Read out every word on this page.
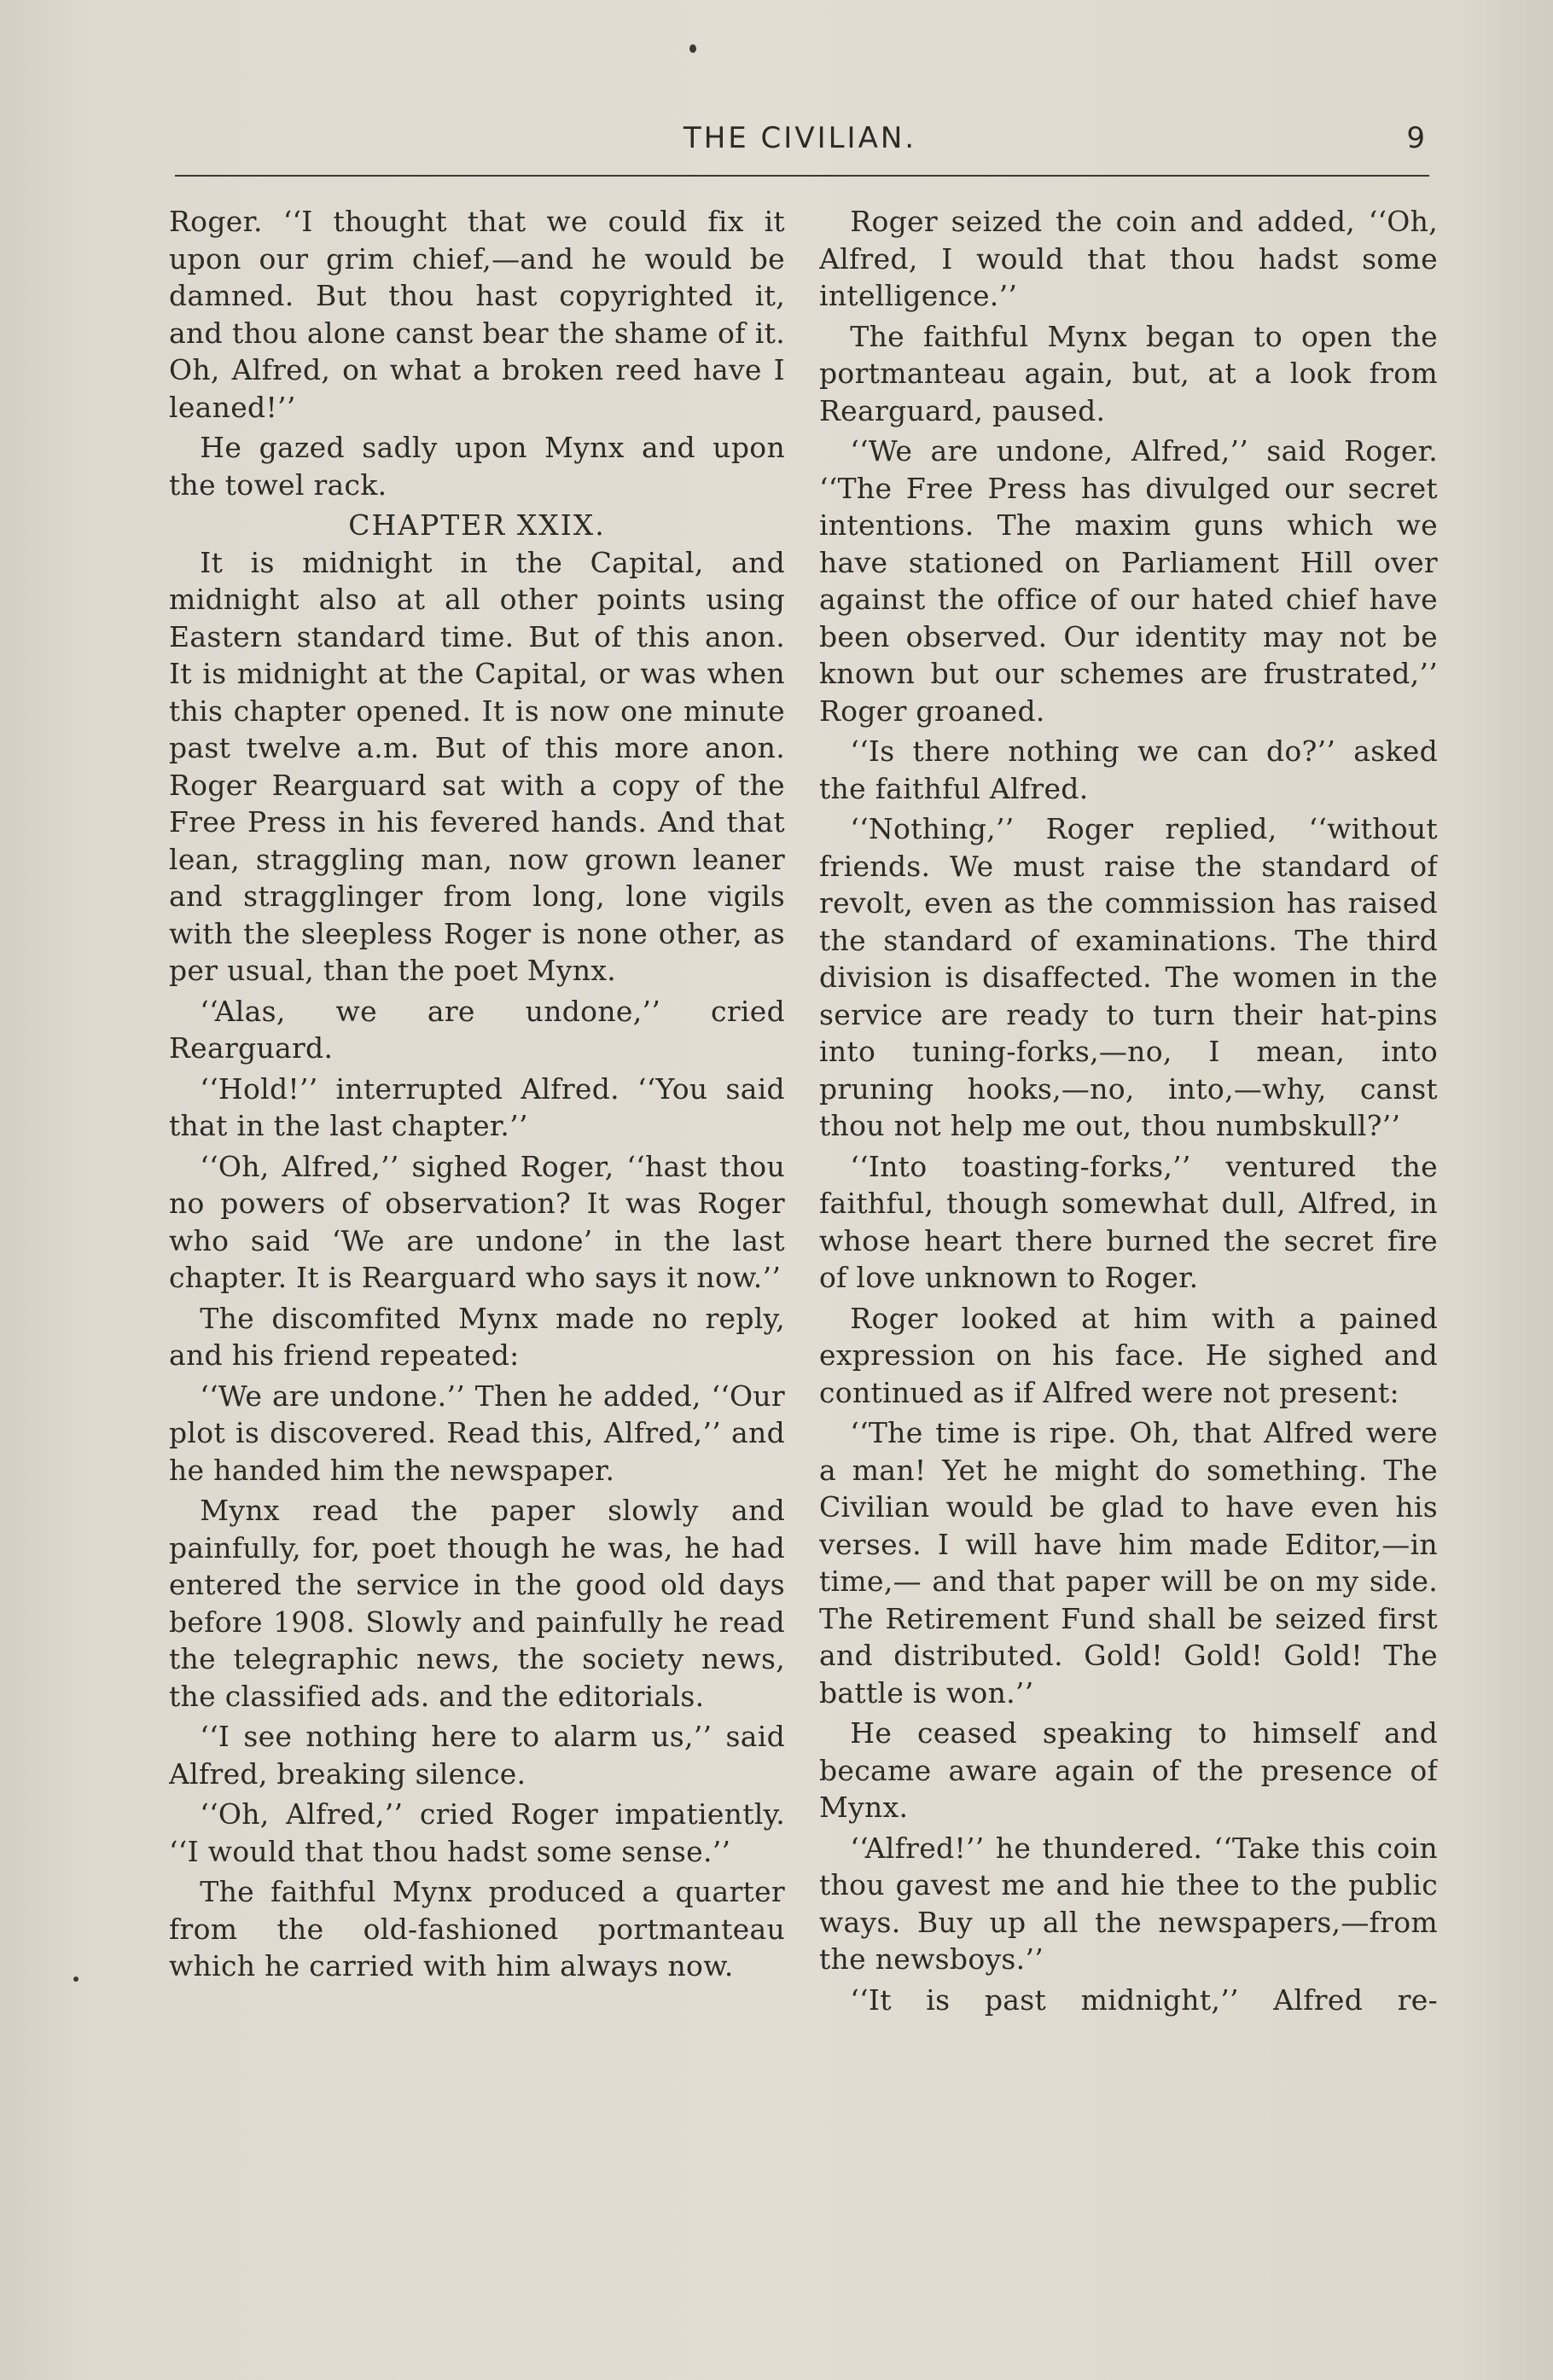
THE CIVILIAN.	9

Roger. ‘‘I thought that we could fix it upon our grim chief,—and he would be damned. But thou hast copyrighted it, and thou alone canst bear the shame of it. Oh, Alfred, on what a broken reed have I leaned!’’

He gazed sadly upon Mynx and upon the towel rack.

CHAPTER XXIX.

It is midnight in the Capital, and midnight also at all other points using Eastern standard time. But of this anon. It is midnight at the Capital, or was when this chapter opened. It is now one minute past twelve a.m. But of this more anon. Roger Rearguard sat with a copy of the Free Press in his fevered hands. And that lean, straggling man, now grown leaner and stragglinger from long, lone vigils with the sleepless Roger is none other, as per usual, than the poet Mynx.

‘‘Alas, we are undone,’’ cried Rearguard.

‘‘Hold!’’ interrupted Alfred. ‘‘You said that in the last chapter.’’

‘‘Oh, Alfred,’’ sighed Roger, ‘‘hast thou no powers of observation? It was Roger who said ‘We are undone’ in the last chapter. It is Rearguard who says it now.’’

The discomfited Mynx made no reply, and his friend repeated:

‘‘We are undone.’’ Then he added, ‘‘Our plot is discovered. Read this, Alfred,’’ and he handed him the newspaper.

Mynx read the paper slowly and painfully, for, poet though he was, he had entered the service in the good old days before 1908. Slowly and painfully he read the telegraphic news, the society news, the classified ads. and the editorials.

‘‘I see nothing here to alarm us,’’ said Alfred, breaking silence.

‘‘Oh, Alfred,’’ cried Roger impatiently. ‘‘I would that thou hadst some sense.’’

The faithful Mynx produced a quarter from the old-fashioned portmanteau which he carried with him always now.

Roger seized the coin and added, ‘‘Oh, Alfred, I would that thou hadst some intelligence.’’

The faithful Mynx began to open the portmanteau again, but, at a look from Rearguard, paused.

‘‘We are undone, Alfred,’’ said Roger. ‘‘The Free Press has divulged our secret intentions. The maxim guns which we have stationed on Parliament Hill over against the office of our hated chief have been observed. Our identity may not be known but our schemes are frustrated,’’ Roger groaned.

‘‘Is there nothing we can do?’’ asked the faithful Alfred.

‘‘Nothing,’’ Roger replied, ‘‘without friends. We must raise the standard of revolt, even as the commission has raised the standard of examinations. The third division is disaffected. The women in the service are ready to turn their hat-pins into tuning-forks,—no, I mean, into pruning hooks,—no, into,—why, canst thou not help me out, thou numbskull?’’

‘‘Into toasting-forks,’’ ventured the faithful, though somewhat dull, Alfred, in whose heart there burned the secret fire of love unknown to Roger.

Roger looked at him with a pained expression on his face. He sighed and continued as if Alfred were not present:

‘‘The time is ripe. Oh, that Alfred were a man! Yet he might do something. The Civilian would be glad to have even his verses. I will have him made Editor,—in time,— and that paper will be on my side. The Retirement Fund shall be seized first and distributed. Gold! Gold! Gold! The battle is won.’’

He ceased speaking to himself and became aware again of the presence of Mynx.

‘‘Alfred!’’ he thundered. ‘‘Take this coin thou gavest me and hie thee to the public ways. Buy up all the newspapers,—from the newsboys.’’

‘‘It is past midnight,’’ Alfred re-
